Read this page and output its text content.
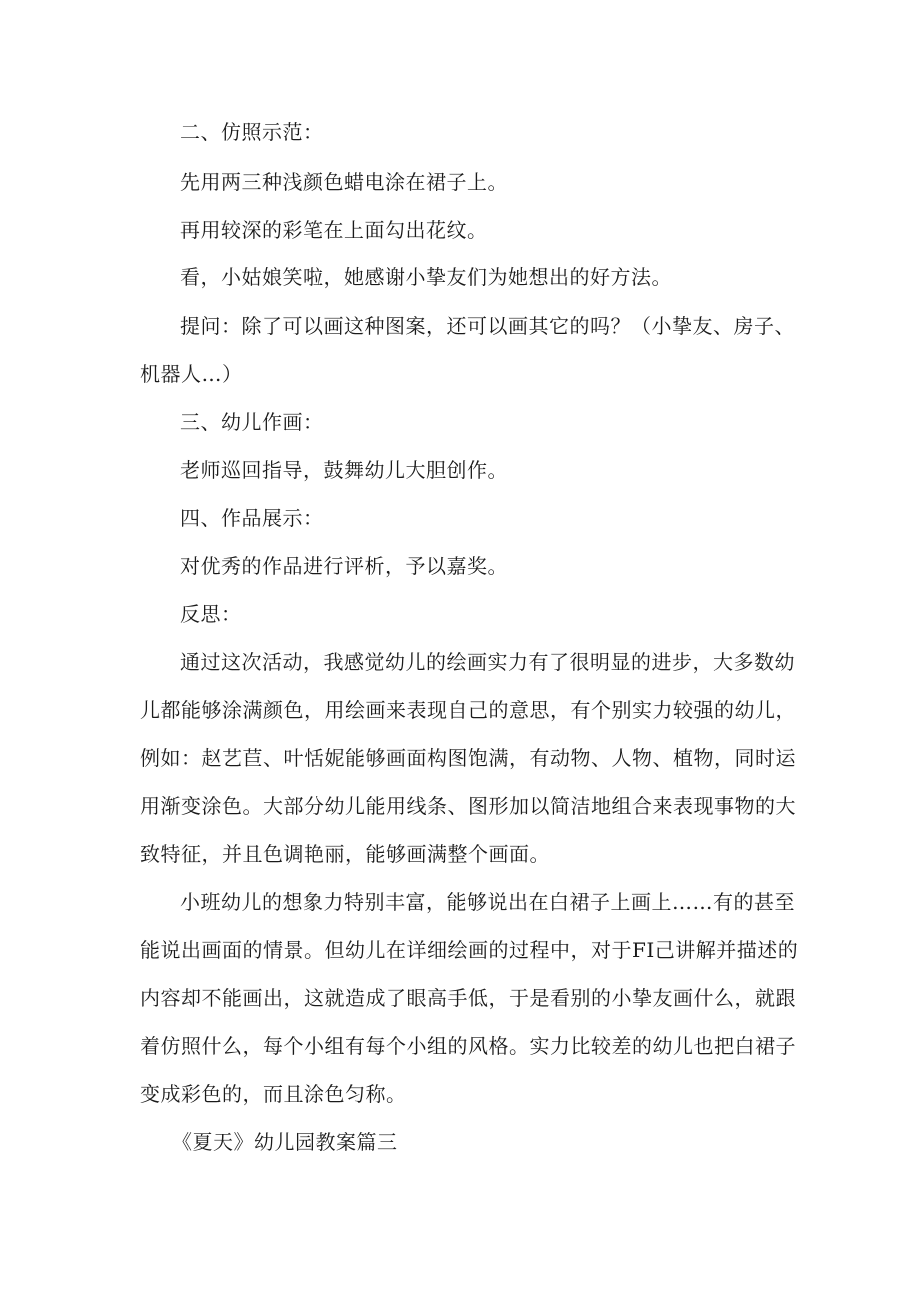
二、仿照示范：
先用两三种浅颜色蜡电涂在裙子上。
再用较深的彩笔在上面勾出花纹。
看，小姑娘笑啦，她感谢小挚友们为她想出的好方法。
提问：除了可以画这种图案，还可以画其它的吗？（小挚友、房子、
机器人…）
三、幼儿作画：
老师巡回指导，鼓舞幼儿大胆创作。
四、作品展示：
对优秀的作品进行评析，予以嘉奖。
反思：
通过这次活动，我感觉幼儿的绘画实力有了很明显的进步，大多数幼
儿都能够涂满颜色，用绘画来表现自己的意思，有个别实力较强的幼儿，
例如：赵艺苣、叶恬妮能够画面构图饱满，有动物、人物、植物，同时运
用渐变涂色。大部分幼儿能用线条、图形加以简洁地组合来表现事物的大
致特征，并且色调艳丽，能够画满整个画面。
小班幼儿的想象力特别丰富，能够说出在白裙子上画上……有的甚至
能说出画面的情景。但幼儿在详细绘画的过程中，对于FI己讲解并描述的
内容却不能画出，这就造成了眼高手低，于是看别的小挚友画什么，就跟
着仿照什么，每个小组有每个小组的风格。实力比较差的幼儿也把白裙子
变成彩色的，而且涂色匀称。
《夏天》幼儿园教案篇三
